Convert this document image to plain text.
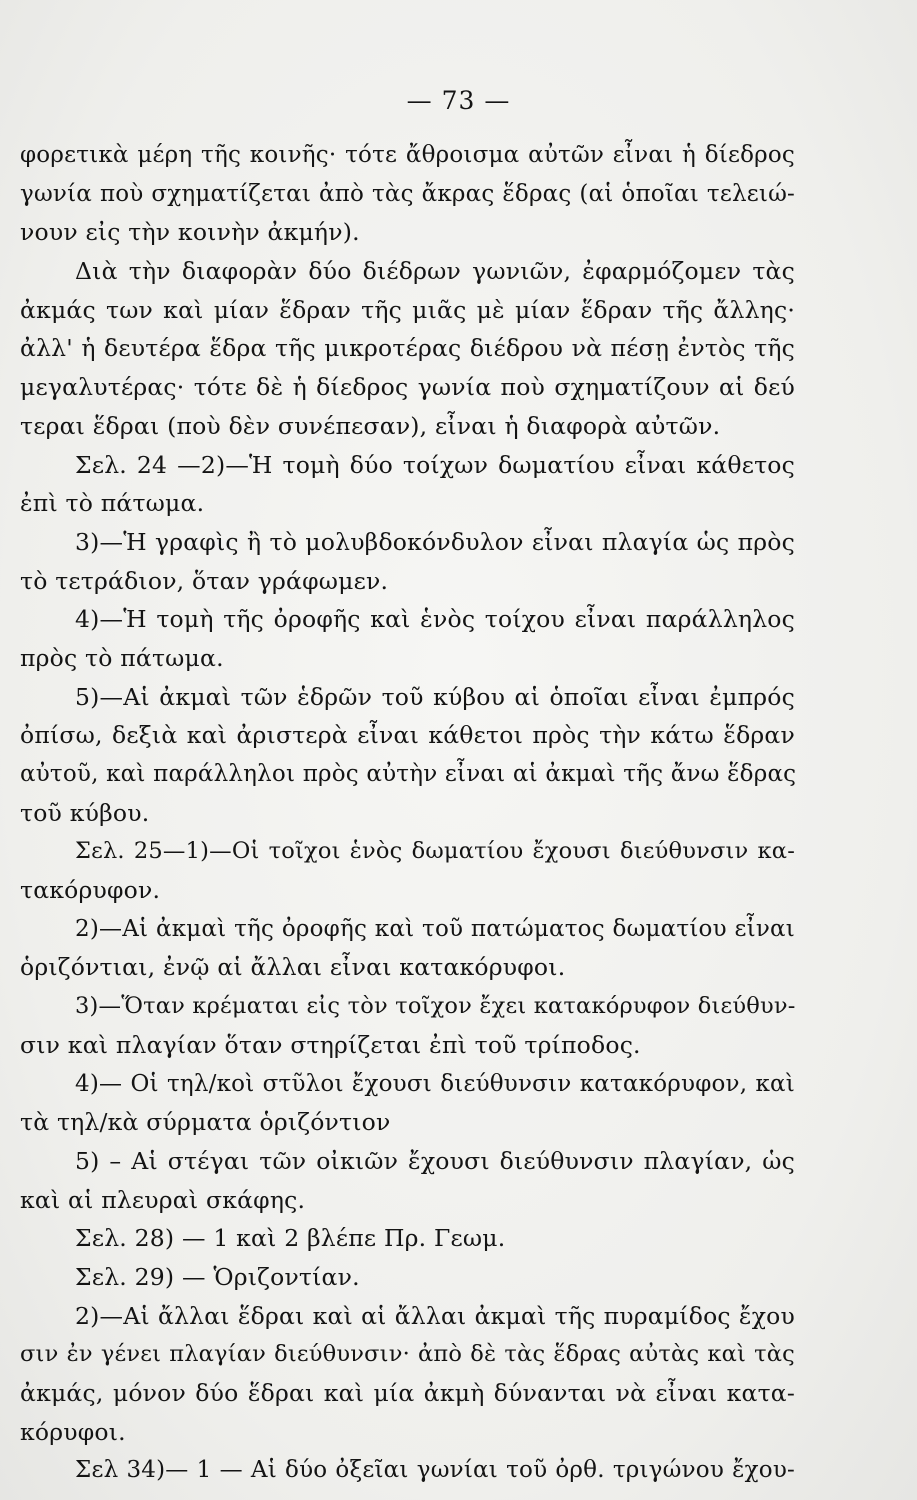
— 73 —
φορετικὰ μέρη τῆς κοινῆς· τότε ἄθροισμα αὐτῶν εἶναι ἡ δίεδρος
γωνία ποὺ σχηματίζεται ἀπὸ τὰς ἄκρας ἕδρας (αἱ ὁποῖαι τελειώ-
νουν εἰς τὴν κοινὴν ἀκμήν).
Διὰ τὴν διαφορὰν δύο διέδρων γωνιῶν, ἐφαρμόζομεν τὰς
ἀκμάς των καὶ μίαν ἕδραν τῆς μιᾶς μὲ μίαν ἕδραν τῆς ἄλλης·
ἀλλ' ἡ δευτέρα ἕδρα τῆς μικροτέρας διέδρου νὰ πέσῃ ἐντὸς τῆς
μεγαλυτέρας· τότε δὲ ἡ δίεδρος γωνία ποὺ σχηματίζουν αἱ δεύ
τεραι ἕδραι (ποὺ δὲν συνέπεσαν), εἶναι ἡ διαφορὰ αὐτῶν.
Σελ. 24 —2)—Ἡ τομὴ δύο τοίχων δωματίου εἶναι κάθετος
ἐπὶ τὸ πάτωμα.
3)—Ἡ γραφὶς ἢ τὸ μολυβδοκόνδυλον εἶναι πλαγία ὡς πρὸς
τὸ τετράδιον, ὅταν γράφωμεν.
4)—Ἡ τομὴ τῆς ὀροφῆς καὶ ἑνὸς τοίχου εἶναι παράλληλος
πρὸς τὸ πάτωμα.
5)—Αἱ ἀκμαὶ τῶν ἑδρῶν τοῦ κύβου αἱ ὁποῖαι εἶναι ἐμπρός
ὀπίσω, δεξιὰ καὶ ἀριστερὰ εἶναι κάθετοι πρὸς τὴν κάτω ἕδραν
αὐτοῦ, καὶ παράλληλοι πρὸς αὐτὴν εἶναι αἱ ἀκμαὶ τῆς ἄνω ἕδρας
τοῦ κύβου.
Σελ. 25—1)—Οἱ τοῖχοι ἑνὸς δωματίου ἔχουσι διεύθυνσιν κα-
τακόρυφον.
2)—Αἱ ἀκμαὶ τῆς ὀροφῆς καὶ τοῦ πατώματος δωματίου εἶναι
ὁριζόντιαι, ἐνῷ αἱ ἄλλαι εἶναι κατακόρυφοι.
3)—Ὅταν κρέμαται εἰς τὸν τοῖχον ἔχει κατακόρυφον διεύθυν-
σιν καὶ πλαγίαν ὅταν στηρίζεται ἐπὶ τοῦ τρίποδος.
4)— Οἱ τηλ/κοὶ στῦλοι ἔχουσι διεύθυνσιν κατακόρυφον, καὶ
τὰ τηλ/κὰ σύρματα ὁριζόντιον
5) – Αἱ στέγαι τῶν οἰκιῶν ἔχουσι διεύθυνσιν πλαγίαν, ὡς
καὶ αἱ πλευραὶ σκάφης.
Σελ. 28) — 1 καὶ 2 βλέπε Πρ. Γεωμ.
Σελ. 29) — Ὁριζοντίαν.
2)—Αἱ ἄλλαι ἕδραι καὶ αἱ ἄλλαι ἀκμαὶ τῆς πυραμίδος ἔχου
σιν ἐν γένει πλαγίαν διεύθυνσιν· ἀπὸ δὲ τὰς ἕδρας αὐτὰς καὶ τὰς
ἀκμάς, μόνον δύο ἕδραι καὶ μία ἀκμὴ δύνανται νὰ εἶναι κατα-
κόρυφοι.
Σελ 34)— 1 — Αἱ δύο ὀξεῖαι γωνίαι τοῦ ὀρθ. τριγώνου ἔχου-
